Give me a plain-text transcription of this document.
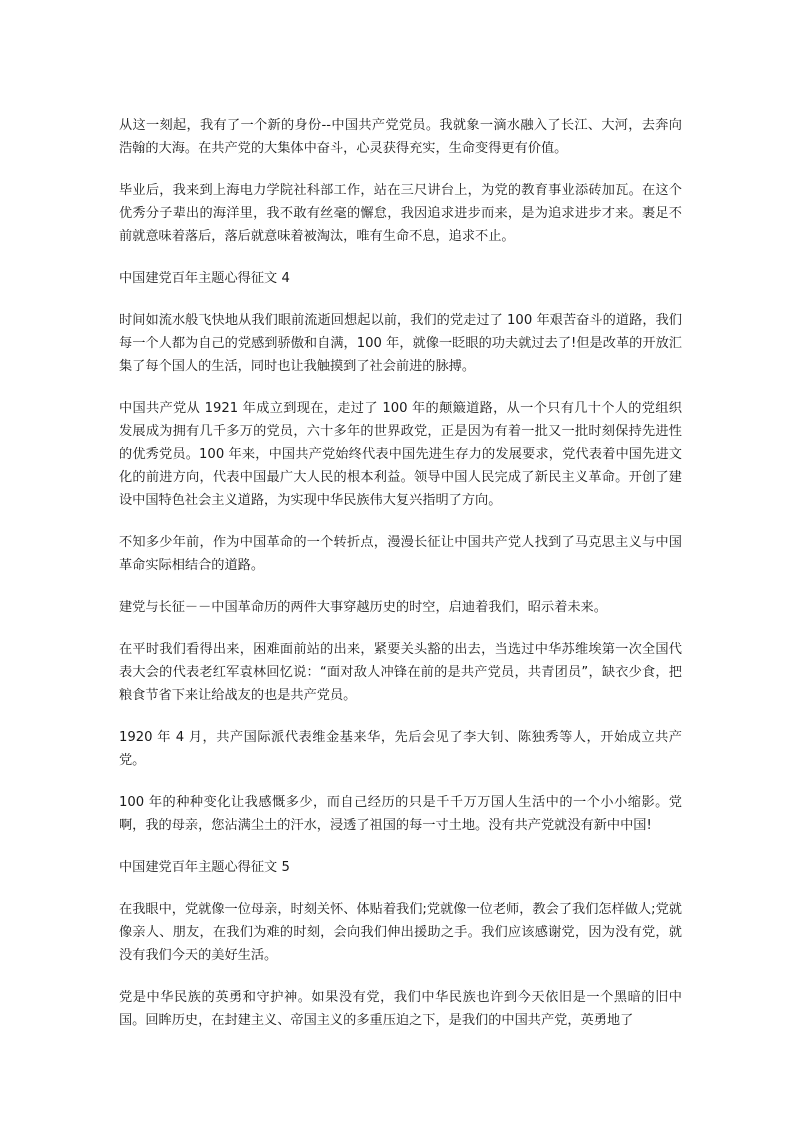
从这一刻起，我有了一个新的身份--中国共产党党员。我就象一滴水融入了长江、大河，去奔向浩翰的大海。在共产党的大集体中奋斗，心灵获得充实，生命变得更有价值。

毕业后，我来到上海电力学院社科部工作，站在三尺讲台上，为党的教育事业添砖加瓦。在这个优秀分子辈出的海洋里，我不敢有丝毫的懈怠，我因追求进步而来，是为追求进步才来。裹足不前就意味着落后，落后就意味着被淘汰，唯有生命不息，追求不止。

中国建党百年主题心得征文 4

时间如流水般飞快地从我们眼前流逝回想起以前，我们的党走过了 100 年艰苦奋斗的道路，我们每一个人都为自己的党感到骄傲和自满，100 年，就像一眨眼的功夫就过去了!但是改革的开放汇集了每个国人的生活，同时也让我触摸到了社会前进的脉搏。

中国共产党从 1921 年成立到现在，走过了 100 年的颠簸道路，从一个只有几十个人的党组织发展成为拥有几千多万的党员，六十多年的世界政党，正是因为有着一批又一批时刻保持先进性的优秀党员。100 年来，中国共产党始终代表中国先进生存力的发展要求，党代表着中国先进文化的前进方向，代表中国最广大人民的根本利益。领导中国人民完成了新民主义革命。开创了建设中国特色社会主义道路，为实现中华民族伟大复兴指明了方向。

不知多少年前，作为中国革命的一个转折点，漫漫长征让中国共产党人找到了马克思主义与中国革命实际相结合的道路。

建党与长征－－中国革命历的两件大事穿越历史的时空，启迪着我们，昭示着未来。

在平时我们看得出来，困难面前站的出来，紧要关头豁的出去，当选过中华苏维埃第一次全国代表大会的代表老红军袁林回忆说：“面对敌人冲锋在前的是共产党员，共青团员”，缺衣少食，把粮食节省下来让给战友的也是共产党员。

1920 年 4 月，共产国际派代表维金基来华，先后会见了李大钊、陈独秀等人，开始成立共产党。

100 年的种种变化让我感慨多少，而自己经历的只是千千万万国人生活中的一个小小缩影。党啊，我的母亲，您沾满尘土的汗水，浸透了祖国的每一寸土地。没有共产党就没有新中中国!

中国建党百年主题心得征文 5

在我眼中，党就像一位母亲，时刻关怀、体贴着我们;党就像一位老师，教会了我们怎样做人;党就像亲人、朋友，在我们为难的时刻，会向我们伸出援助之手。我们应该感谢党，因为没有党，就没有我们今天的美好生活。

党是中华民族的英勇和守护神。如果没有党，我们中华民族也许到今天依旧是一个黑暗的旧中国。回眸历史，在封建主义、帝国主义的多重压迫之下，是我们的中国共产党，英勇地了
